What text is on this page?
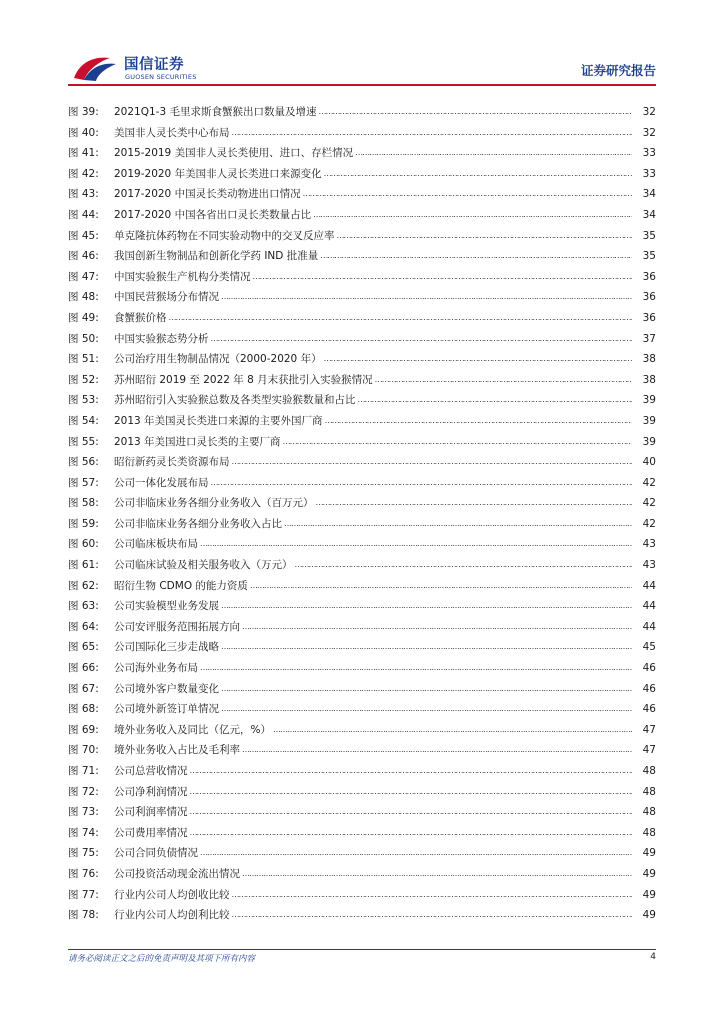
国信证券
GUOSEN SECURITIES	证券研究报告
图 39: 2021Q1-3 毛里求斯食蟹猴出口数量及增速 …………………………………………………………………………………………………………………………………………………………………………………………………………………………………………………………………	32
图 40: 美国非人灵长类中心布局 …………………………………………………………………………………………………………………………………………………………………………………………………………………………………………………………………	32
图 41: 2015-2019 美国非人灵长类使用、进口、存栏情况 …………………………………………………………………………………………………………………………………………………………………………………………………………………………………………………………………	33
图 42: 2019-2020 年美国非人灵长类进口来源变化 …………………………………………………………………………………………………………………………………………………………………………………………………………………………………………………………………	33
图 43: 2017-2020 中国灵长类动物进出口情况 …………………………………………………………………………………………………………………………………………………………………………………………………………………………………………………………………	34
图 44: 2017-2020 中国各省出口灵长类数量占比 …………………………………………………………………………………………………………………………………………………………………………………………………………………………………………………………………	34
图 45: 单克隆抗体药物在不同实验动物中的交叉反应率 …………………………………………………………………………………………………………………………………………………………………………………………………………………………………………………………………	35
图 46: 我国创新生物制品和创新化学药 IND 批准量 …………………………………………………………………………………………………………………………………………………………………………………………………………………………………………………………………	35
图 47: 中国实验猴生产机构分类情况 …………………………………………………………………………………………………………………………………………………………………………………………………………………………………………………………………	36
图 48: 中国民营猴场分布情况 …………………………………………………………………………………………………………………………………………………………………………………………………………………………………………………………………	36
图 49: 食蟹猴价格 …………………………………………………………………………………………………………………………………………………………………………………………………………………………………………………………………	36
图 50: 中国实验猴态势分析 …………………………………………………………………………………………………………………………………………………………………………………………………………………………………………………………………	37
图 51: 公司治疗用生物制品情况（2000-2020 年） …………………………………………………………………………………………………………………………………………………………………………………………………………………………………………………………………	38
图 52: 苏州昭衍 2019 至 2022 年 8 月末获批引入实验猴情况 …………………………………………………………………………………………………………………………………………………………………………………………………………………………………………………………………	38
图 53: 苏州昭衍引入实验猴总数及各类型实验猴数量和占比 …………………………………………………………………………………………………………………………………………………………………………………………………………………………………………………………………	39
图 54: 2013 年美国灵长类进口来源的主要外国厂商 …………………………………………………………………………………………………………………………………………………………………………………………………………………………………………………………………	39
图 55: 2013 年美国进口灵长类的主要厂商 …………………………………………………………………………………………………………………………………………………………………………………………………………………………………………………………………	39
图 56: 昭衍新药灵长类资源布局 …………………………………………………………………………………………………………………………………………………………………………………………………………………………………………………………………	40
图 57: 公司一体化发展布局 …………………………………………………………………………………………………………………………………………………………………………………………………………………………………………………………………	42
图 58: 公司非临床业务各细分业务收入（百万元） …………………………………………………………………………………………………………………………………………………………………………………………………………………………………………………………………	42
图 59: 公司非临床业务各细分业务收入占比 …………………………………………………………………………………………………………………………………………………………………………………………………………………………………………………………………	42
图 60: 公司临床板块布局 …………………………………………………………………………………………………………………………………………………………………………………………………………………………………………………………………	43
图 61: 公司临床试验及相关服务收入（万元） …………………………………………………………………………………………………………………………………………………………………………………………………………………………………………………………………	43
图 62: 昭衍生物 CDMO 的能力资质 …………………………………………………………………………………………………………………………………………………………………………………………………………………………………………………………………	44
图 63: 公司实验模型业务发展 …………………………………………………………………………………………………………………………………………………………………………………………………………………………………………………………………	44
图 64: 公司安评服务范围拓展方向 …………………………………………………………………………………………………………………………………………………………………………………………………………………………………………………………………	44
图 65: 公司国际化三步走战略 …………………………………………………………………………………………………………………………………………………………………………………………………………………………………………………………………	45
图 66: 公司海外业务布局 …………………………………………………………………………………………………………………………………………………………………………………………………………………………………………………………………	46
图 67: 公司境外客户数量变化 …………………………………………………………………………………………………………………………………………………………………………………………………………………………………………………………………	46
图 68: 公司境外新签订单情况 …………………………………………………………………………………………………………………………………………………………………………………………………………………………………………………………………	46
图 69: 境外业务收入及同比（亿元，%） …………………………………………………………………………………………………………………………………………………………………………………………………………………………………………………………………	47
图 70: 境外业务收入占比及毛利率 …………………………………………………………………………………………………………………………………………………………………………………………………………………………………………………………………	47
图 71: 公司总营收情况 …………………………………………………………………………………………………………………………………………………………………………………………………………………………………………………………………	48
图 72: 公司净利润情况 …………………………………………………………………………………………………………………………………………………………………………………………………………………………………………………………………	48
图 73: 公司利润率情况 …………………………………………………………………………………………………………………………………………………………………………………………………………………………………………………………………	48
图 74: 公司费用率情况 …………………………………………………………………………………………………………………………………………………………………………………………………………………………………………………………………	48
图 75: 公司合同负债情况 …………………………………………………………………………………………………………………………………………………………………………………………………………………………………………………………………	49
图 76: 公司投资活动现金流出情况 …………………………………………………………………………………………………………………………………………………………………………………………………………………………………………………………………	49
图 77: 行业内公司人均创收比较 …………………………………………………………………………………………………………………………………………………………………………………………………………………………………………………………………	49
图 78: 行业内公司人均创利比较 …………………………………………………………………………………………………………………………………………………………………………………………………………………………………………………………………	49
请务必阅读正文之后的免责声明及其项下所有内容	4
